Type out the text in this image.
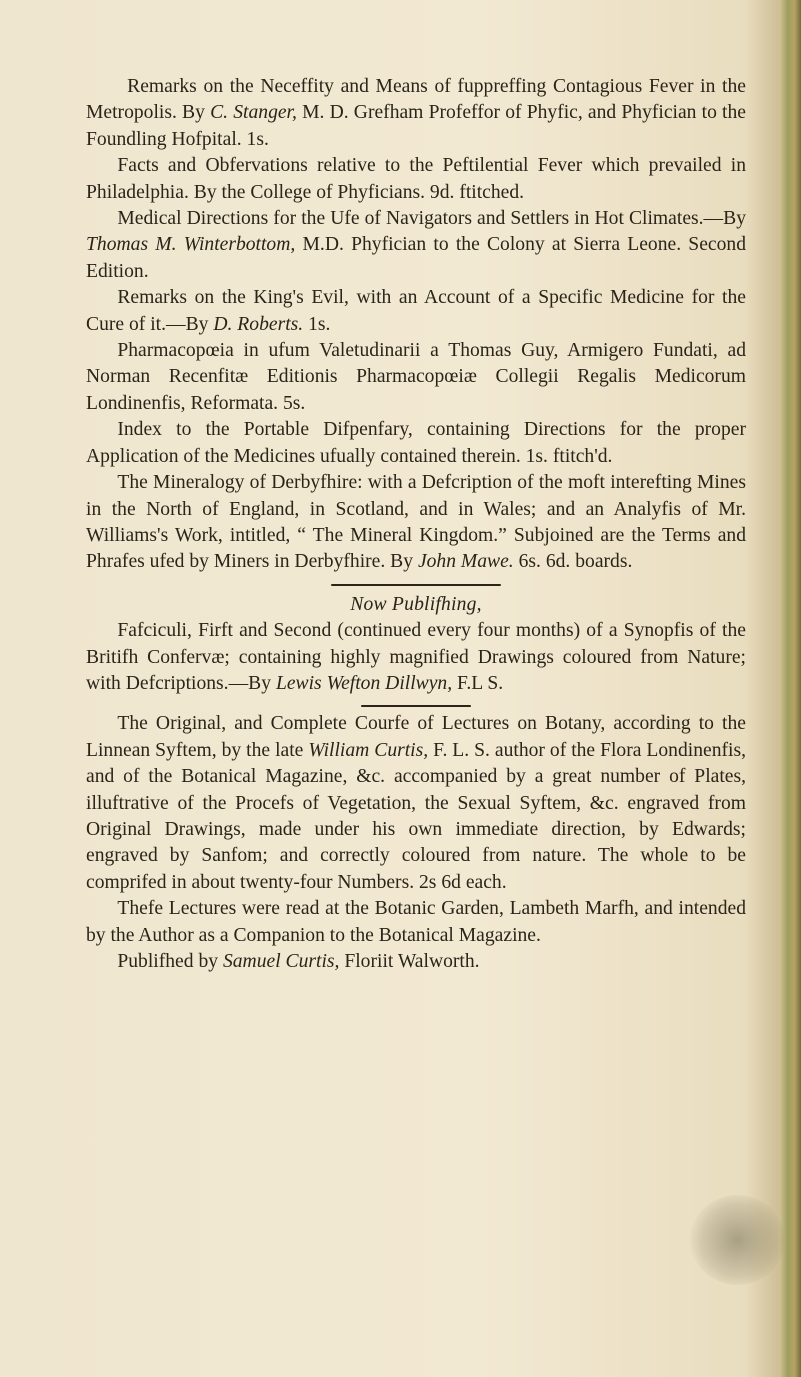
Remarks on the Neceffity and Means of fuppreffing Contagious Fever in the Metropolis. By C. Stanger, M. D. Grefham Profeffor of Phyfic, and Phyfician to the Foundling Hofpital. 1s.

Facts and Obfervations relative to the Peftilential Fever which prevailed in Philadelphia. By the College of Phyficians. 9d. ftitched.

Medical Directions for the Ufe of Navigators and Settlers in Hot Climates.—By Thomas M. Winterbottom, M.D. Phyfician to the Colony at Sierra Leone. Second Edition.

Remarks on the King's Evil, with an Account of a Specific Medicine for the Cure of it.—By D. Roberts. 1s.

Pharmacopœia in ufum Valetudinarii a Thomas Guy, Armigero Fundati, ad Norman Recenfitæ Editionis Pharmacopœiæ Collegii Regalis Medicorum Londinenfis, Reformata. 5s.

Index to the Portable Difpenfary, containing Directions for the proper Application of the Medicines ufually contained therein. 1s. ftitch'd.

The Mineralogy of Derbyfhire: with a Defcription of the moft interefting Mines in the North of England, in Scotland, and in Wales; and an Analyfis of Mr. Williams's Work, intitled, “ The Mineral Kingdom.” Subjoined are the Terms and Phrafes ufed by Miners in Derbyfhire. By John Mawe. 6s. 6d. boards.

Now Publifhing,

Fafciculi, Firft and Second (continued every four months) of a Synopfis of the Britifh Confervæ; containing highly magnified Drawings coloured from Nature; with Defcriptions.—By Lewis Wefton Dillwyn, F.L S.

The Original, and Complete Courfe of Lectures on Botany, according to the Linnean Syftem, by the late William Curtis, F. L. S. author of the Flora Londinenfis, and of the Botanical Magazine, &c. accompanied by a great number of Plates, illuftrative of the Procefs of Vegetation, the Sexual Syftem, &c. engraved from Original Drawings, made under his own immediate direction, by Edwards; engraved by Sanfom; and correctly coloured from nature. The whole to be comprifed in about twenty-four Numbers. 2s 6d each.

Thefe Lectures were read at the Botanic Garden, Lambeth Marfh, and intended by the Author as a Companion to the Botanical Magazine.

Publifhed by Samuel Curtis, Floriit Walworth.
